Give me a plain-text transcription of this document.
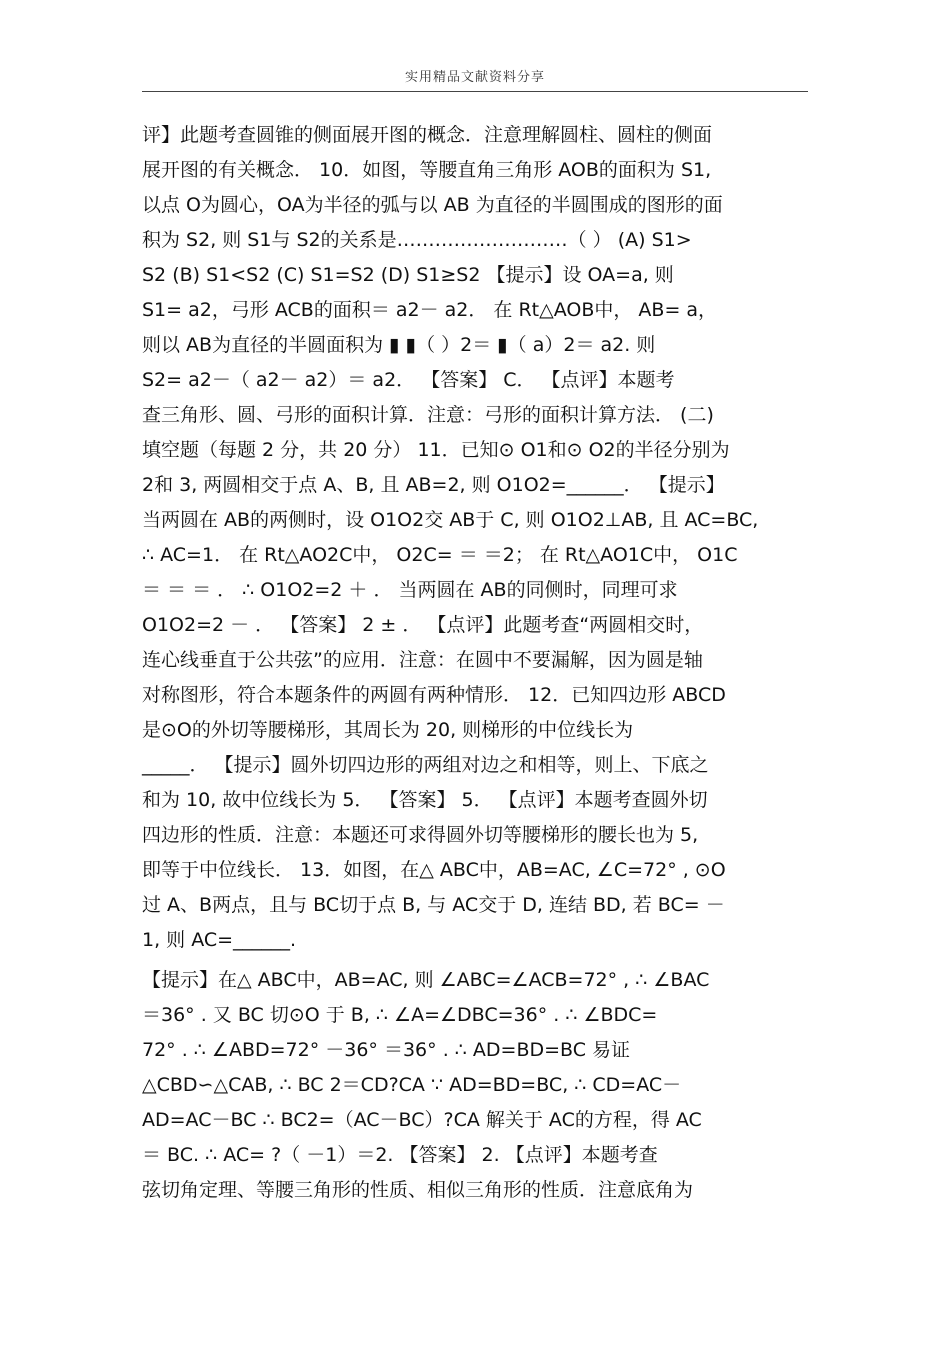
实用精品文献资料分享
评】此题考查圆锥的侧面展开图的概念．注意理解圆柱、圆柱的侧面
展开图的有关概念． 10．如图，等腰直角三角形 AOB的面积为 S1,
以点 O为圆心，OA为半径的弧与以 AB 为直径的半圆围成的图形的面
积为 S2, 则 S1与 S2的关系是………………………（ ） (A) S1>
S2 (B) S1<S2 (C) S1=S2 (D) S1≥S2 【提示】设 OA=a, 则
S1= a2，弓形 ACB的面积＝ a2－ a2． 在 Rt△AOB中， AB= a，
则以 AB为直径的半圆面积为 ▮ ▮（ ）2＝ ▮（ a）2＝ a2. 则
S2= a2－（ a2－ a2）＝ a2． 【答案】 C． 【点评】本题考
查三角形、圆、弓形的面积计算．注意：弓形的面积计算方法． (二)
填空题（每题 2 分，共 20 分） 11．已知⊙ O1和⊙ O2的半径分别为
2和 3, 两圆相交于点 A、B, 且 AB=2, 则 O1O2=______． 【提示】
当两圆在 AB的两侧时，设 O1O2交 AB于 C, 则 O1O2⊥AB, 且 AC=BC,
∴ AC=1． 在 Rt△AO2C中， O2C= ＝ ＝2； 在 Rt△AO1C中， O1C
＝ ＝ ＝ ． ∴ O1O2=2 ＋ ． 当两圆在 AB的同侧时，同理可求
O1O2=2 － ． 【答案】 2 ± ． 【点评】此题考查“两圆相交时，
连心线垂直于公共弦”的应用．注意：在圆中不要漏解，因为圆是轴
对称图形，符合本题条件的两圆有两种情形． 12．已知四边形 ABCD
是⊙O的外切等腰梯形，其周长为 20, 则梯形的中位线长为
_____． 【提示】圆外切四边形的两组对边之和相等，则上、下底之
和为 10, 故中位线长为 5． 【答案】 5． 【点评】本题考查圆外切
四边形的性质．注意：本题还可求得圆外切等腰梯形的腰长也为 5,
即等于中位线长． 13．如图，在△ ABC中，AB=AC, ∠C=72° , ⊙O
过 A、B两点，且与 BC切于点 B, 与 AC交于 D, 连结 BD, 若 BC= －
1, 则 AC=______.
【提示】在△ ABC中，AB=AC, 则 ∠ABC=∠ACB=72° , ∴ ∠BAC
＝36° . 又 BC 切⊙O 于 B, ∴ ∠A=∠DBC=36° . ∴ ∠BDC=
72° . ∴ ∠ABD=72° －36° ＝36° . ∴ AD=BD=BC 易证
△CBD∽△CAB, ∴ BC 2＝CD?CA ∵ AD=BD=BC, ∴ CD=AC－
AD=AC－BC ∴ BC2=（AC－BC）?CA 解关于 AC的方程，得 AC
＝ BC. ∴ AC= ?（ －1）＝2. 【答案】 2. 【点评】本题考查
弦切角定理、等腰三角形的性质、相似三角形的性质．注意底角为
